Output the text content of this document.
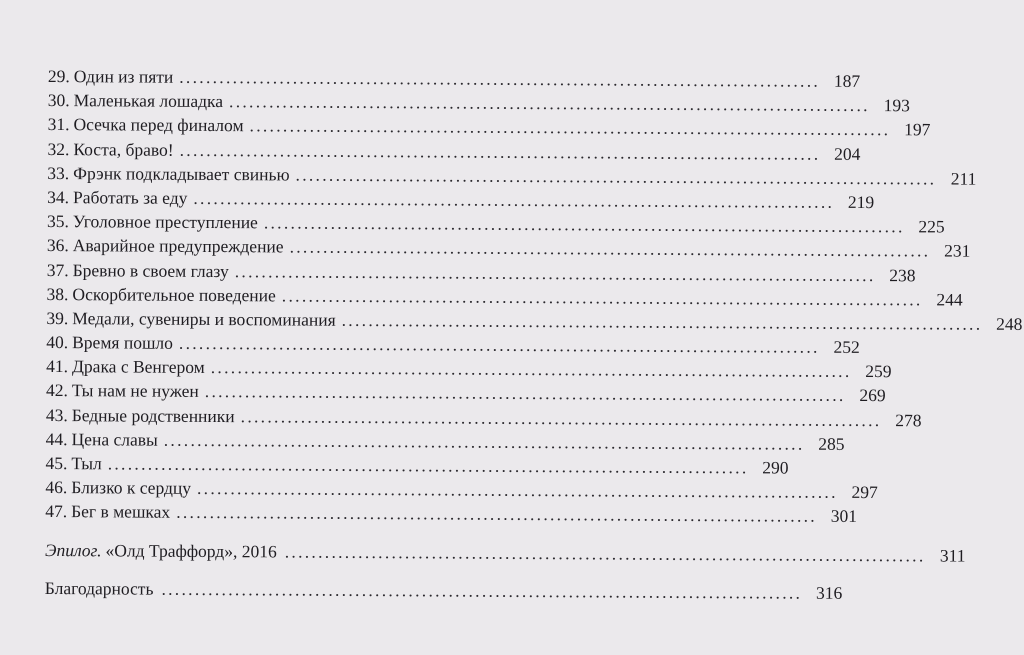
29. Один из пяти ................................................................................................ 187
30. Маленькая лошадка ................................................................................................ 193
31. Осечка перед финалом ................................................................................................ 197
32. Коста, браво! ................................................................................................ 204
33. Фрэнк подкладывает свинью ................................................................................................ 211
34. Работать за еду ................................................................................................ 219
35. Уголовное преступление ................................................................................................ 225
36. Аварийное предупреждение ................................................................................................ 231
37. Бревно в своем глазу ................................................................................................ 238
38. Оскорбительное поведение ................................................................................................ 244
39. Медали, сувениры и воспоминания ................................................................................................ 248
40. Время пошло ................................................................................................ 252
41. Драка с Венгером ................................................................................................ 259
42. Ты нам не нужен ................................................................................................ 269
43. Бедные родственники ................................................................................................ 278
44. Цена славы ................................................................................................ 285
45. Тыл ................................................................................................ 290
46. Близко к сердцу ................................................................................................ 297
47. Бег в мешках ................................................................................................ 301
Эпилог. «Олд Траффорд», 2016 ................................................................................................ 311
Благодарность ................................................................................................ 316
